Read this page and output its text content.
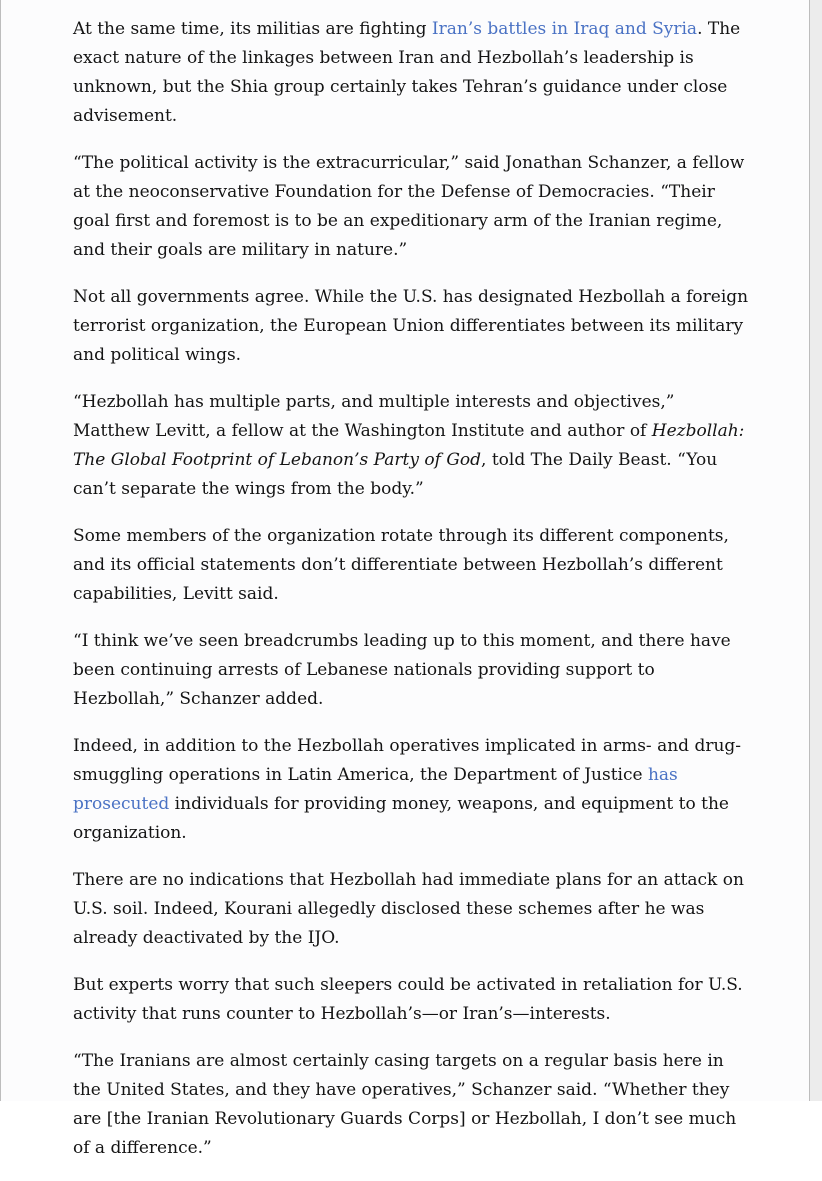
At the same time, its militias are fighting Iran’s battles in Iraq and Syria. The exact nature of the linkages between Iran and Hezbollah’s leadership is unknown, but the Shia group certainly takes Tehran’s guidance under close advisement.

“The political activity is the extracurricular,” said Jonathan Schanzer, a fellow at the neoconservative Foundation for the Defense of Democracies. “Their goal first and foremost is to be an expeditionary arm of the Iranian regime, and their goals are military in nature.”

Not all governments agree. While the U.S. has designated Hezbollah a foreign terrorist organization, the European Union differentiates between its military and political wings.

“Hezbollah has multiple parts, and multiple interests and objectives,” Matthew Levitt, a fellow at the Washington Institute and author of Hezbollah: The Global Footprint of Lebanon’s Party of God, told The Daily Beast. “You can’t separate the wings from the body.”

Some members of the organization rotate through its different components, and its official statements don’t differentiate between Hezbollah’s different capabilities, Levitt said.

“I think we’ve seen breadcrumbs leading up to this moment, and there have been continuing arrests of Lebanese nationals providing support to Hezbollah,” Schanzer added.

Indeed, in addition to the Hezbollah operatives implicated in arms- and drug-smuggling operations in Latin America, the Department of Justice has prosecuted individuals for providing money, weapons, and equipment to the organization.

There are no indications that Hezbollah had immediate plans for an attack on U.S. soil. Indeed, Kourani allegedly disclosed these schemes after he was already deactivated by the IJO.

But experts worry that such sleepers could be activated in retaliation for U.S. activity that runs counter to Hezbollah’s—or Iran’s—interests.

“The Iranians are almost certainly casing targets on a regular basis here in the United States, and they have operatives,” Schanzer said. “Whether they are [the Iranian Revolutionary Guards Corps] or Hezbollah, I don’t see much of a difference.”
